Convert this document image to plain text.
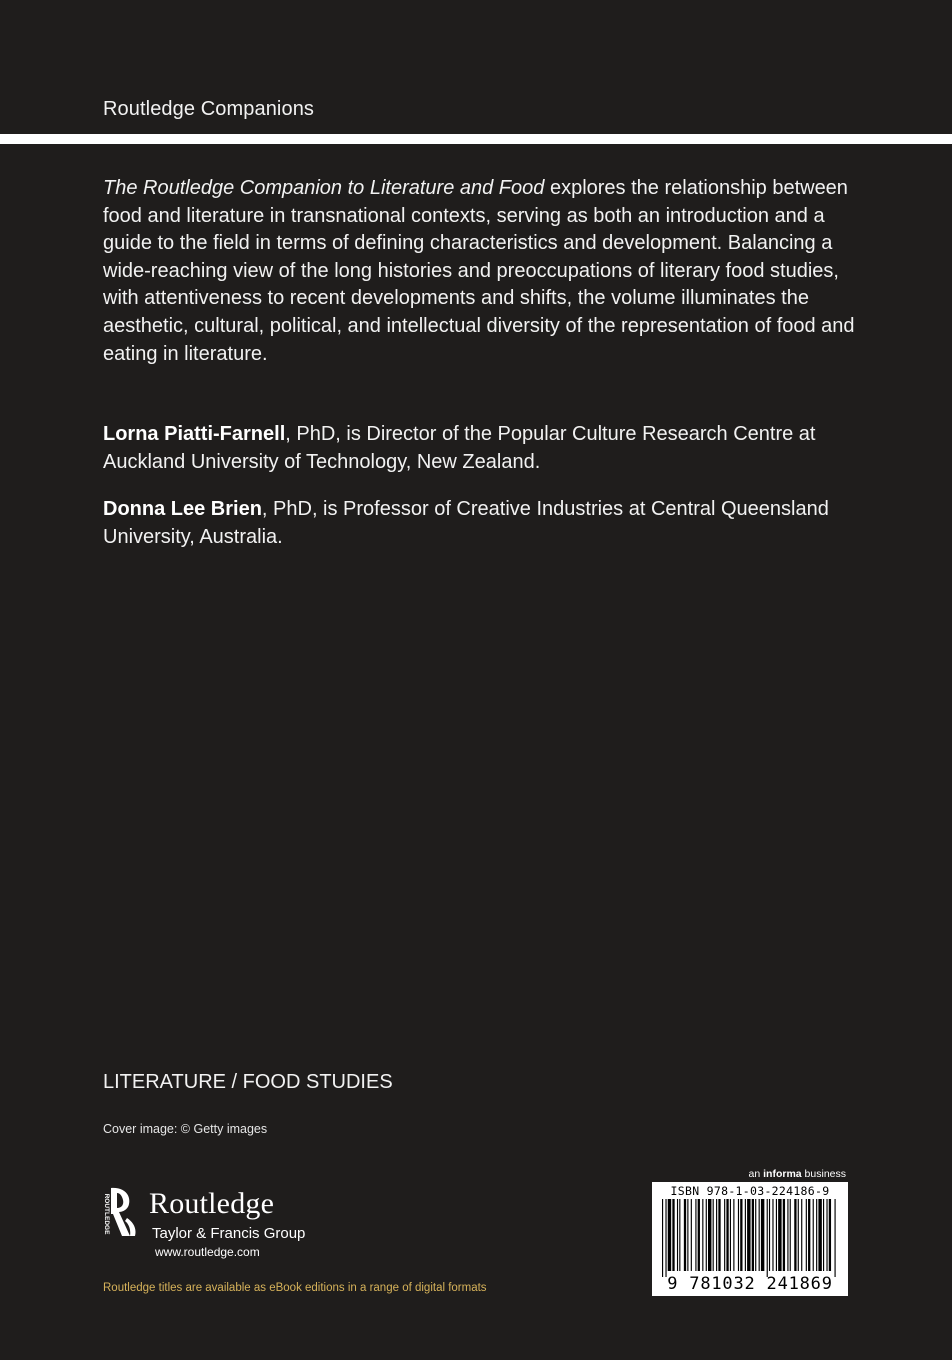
Routledge Companions

The Routledge Companion to Literature and Food explores the relationship between food and literature in transnational contexts, serving as both an introduction and a guide to the field in terms of defining characteristics and development. Balancing a wide-reaching view of the long histories and preoccupations of literary food studies, with attentiveness to recent developments and shifts, the volume illuminates the aesthetic, cultural, political, and intellectual diversity of the representation of food and eating in literature.

Lorna Piatti-Farnell, PhD, is Director of the Popular Culture Research Centre at Auckland University of Technology, New Zealand.

Donna Lee Brien, PhD, is Professor of Creative Industries at Central Queensland University, Australia.

LITERATURE / FOOD STUDIES
Cover image: © Getty images
ROUTLEDGE Routledge
Taylor & Francis Group
www.routledge.com
Routledge titles are available as eBook editions in a range of digital formats
an informa business
ISBN 978-1-03-224186-9
9 781032 241869
